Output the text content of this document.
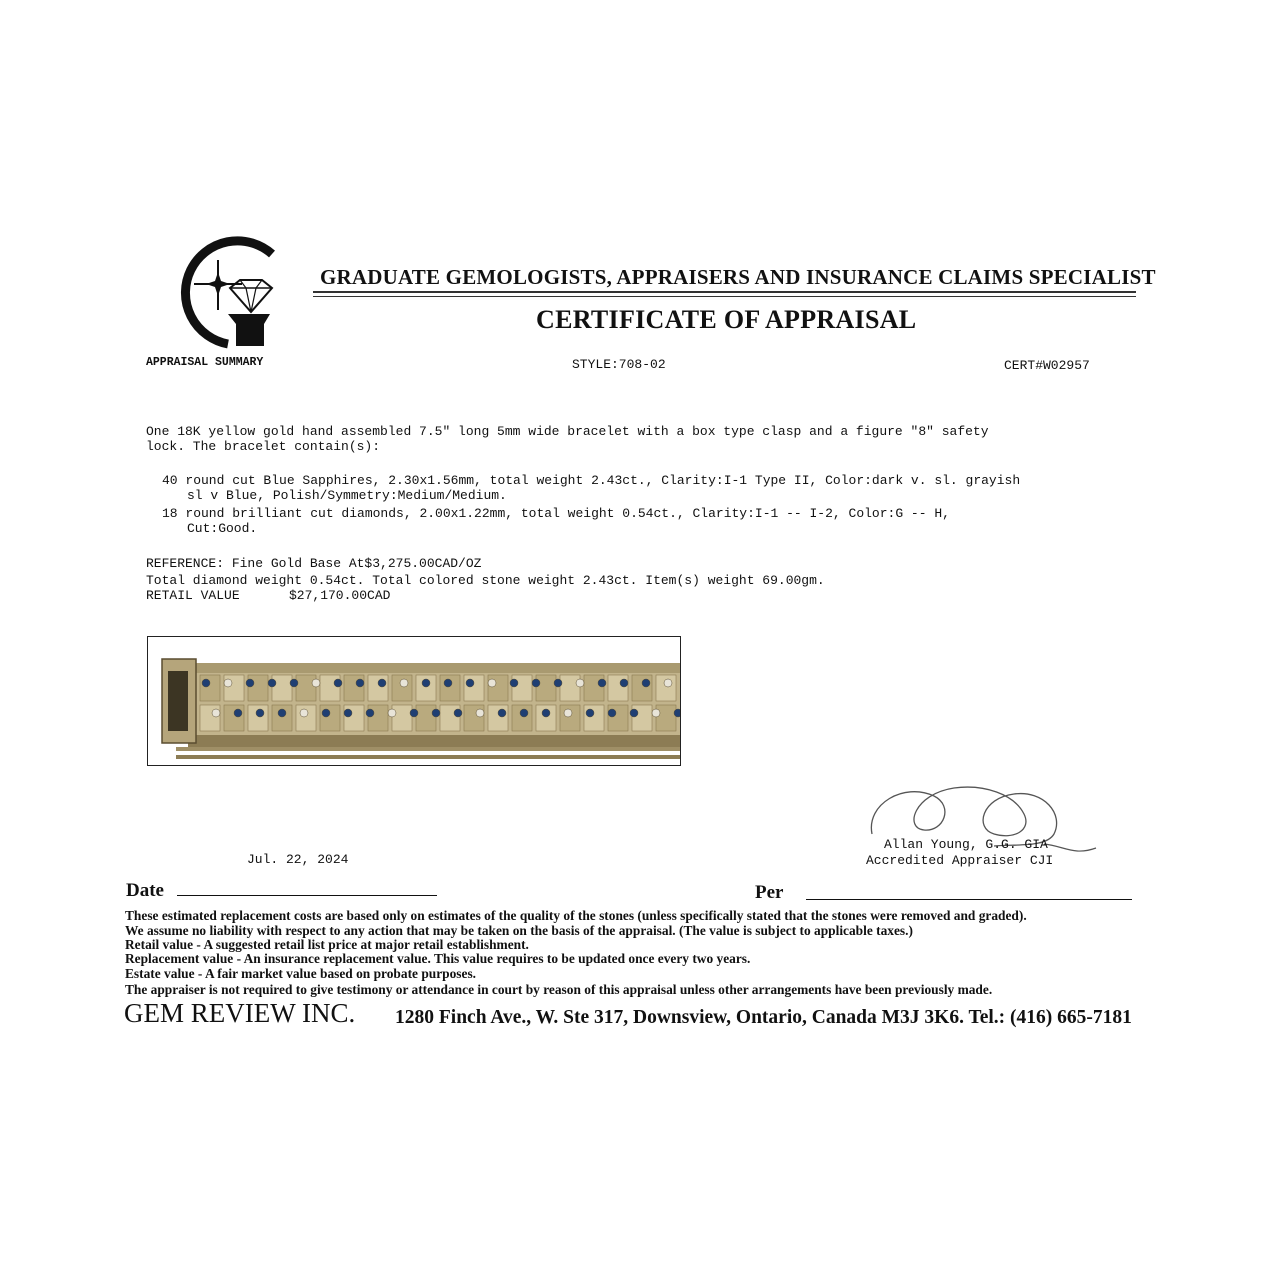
GRADUATE GEMOLOGISTS, APPRAISERS AND INSURANCE CLAIMS SPECIALIST
CERTIFICATE OF APPRAISAL
APPRAISAL SUMMARY	STYLE:708-02	CERT#W02957
One 18K yellow gold hand assembled 7.5" long 5mm wide bracelet with a box type clasp and a figure "8" safety
lock. The bracelet contain(s):
40 round cut Blue Sapphires, 2.30x1.56mm, total weight 2.43ct., Clarity:I-1 Type II, Color:dark v. sl. grayish
sl v Blue, Polish/Symmetry:Medium/Medium.
18 round brilliant cut diamonds, 2.00x1.22mm, total weight 0.54ct., Clarity:I-1 -- I-2, Color:G -- H,
Cut:Good.
REFERENCE: Fine Gold Base At$3,275.00CAD/OZ
Total diamond weight 0.54ct. Total colored stone weight 2.43ct. Item(s) weight 69.00gm.
RETAIL VALUE	$27,170.00CAD
Allan Young, G.G. GIA
Accredited Appraiser CJI
Jul. 22, 2024
Date	Per
These estimated replacement costs are based only on estimates of the quality of the stones (unless specifically stated that the stones were removed and graded).
We assume no liability with respect to any action that may be taken on the basis of the appraisal. (The value is subject to applicable taxes.)
Retail value - A suggested retail list price at major retail establishment.
Replacement value - An insurance replacement value. This value requires to be updated once every two years.
Estate value - A fair market value based on probate purposes.
The appraiser is not required to give testimony or attendance in court by reason of this appraisal unless other arrangements have been previously made.
GEM REVIEW INC. 1280 Finch Ave., W. Ste 317, Downsview, Ontario, Canada M3J 3K6. Tel.: (416) 665-7181
